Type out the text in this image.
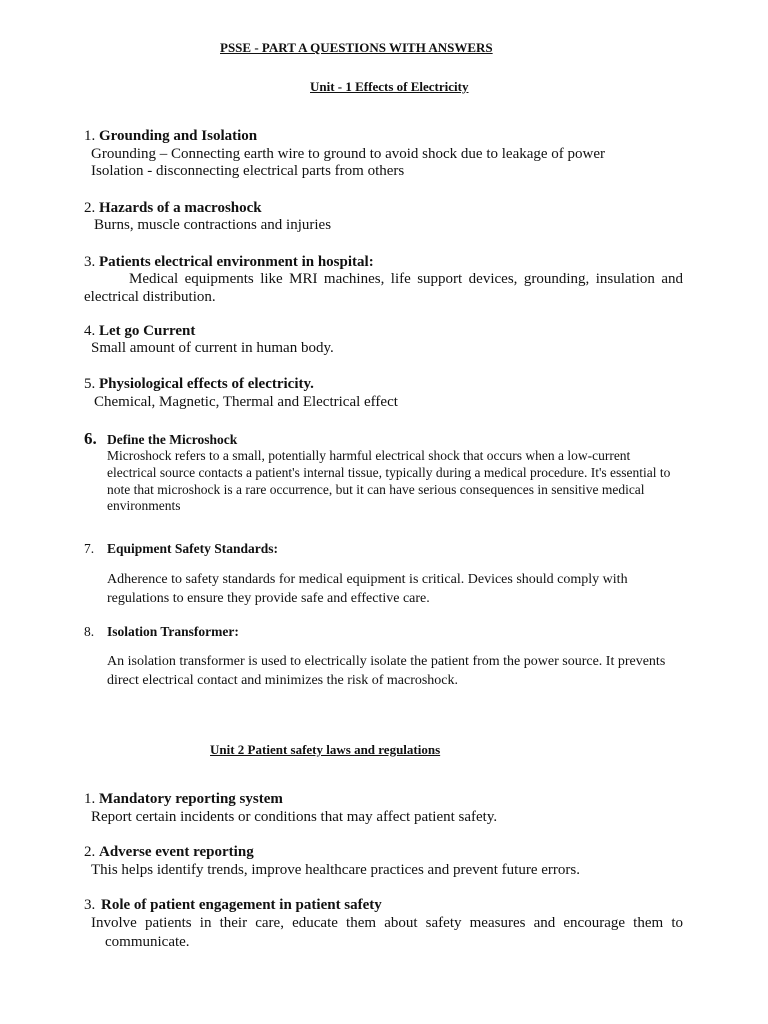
PSSE - PART A QUESTIONS WITH ANSWERS
Unit - 1 Effects of Electricity
1. Grounding and Isolation
Grounding – Connecting earth wire to ground to avoid shock due to leakage of power
Isolation - disconnecting electrical parts from others
2. Hazards of a macroshock
Burns, muscle contractions and injuries
3. Patients electrical environment in hospital:
Medical equipments like MRI machines, life support devices, grounding, insulation and
electrical distribution.
4. Let go Current
Small amount of current in human body.
5. Physiological effects of electricity.
Chemical, Magnetic, Thermal and Electrical effect
6. Define the Microshock
Microshock refers to a small, potentially harmful electrical shock that occurs when a low-current
electrical source contacts a patient's internal tissue, typically during a medical procedure. It's essential to
note that microshock is a rare occurrence, but it can have serious consequences in sensitive medical
environments
7. Equipment Safety Standards:
Adherence to safety standards for medical equipment is critical. Devices should comply with
regulations to ensure they provide safe and effective care.
8. Isolation Transformer:
An isolation transformer is used to electrically isolate the patient from the power source. It prevents
direct electrical contact and minimizes the risk of macroshock.
Unit 2 Patient safety laws and regulations
1. Mandatory reporting system
Report certain incidents or conditions that may affect patient safety.
2. Adverse event reporting
This helps identify trends, improve healthcare practices and prevent future errors.
3. Role of patient engagement in patient safety
Involve patients in their care, educate them about safety measures and encourage them to
communicate.
